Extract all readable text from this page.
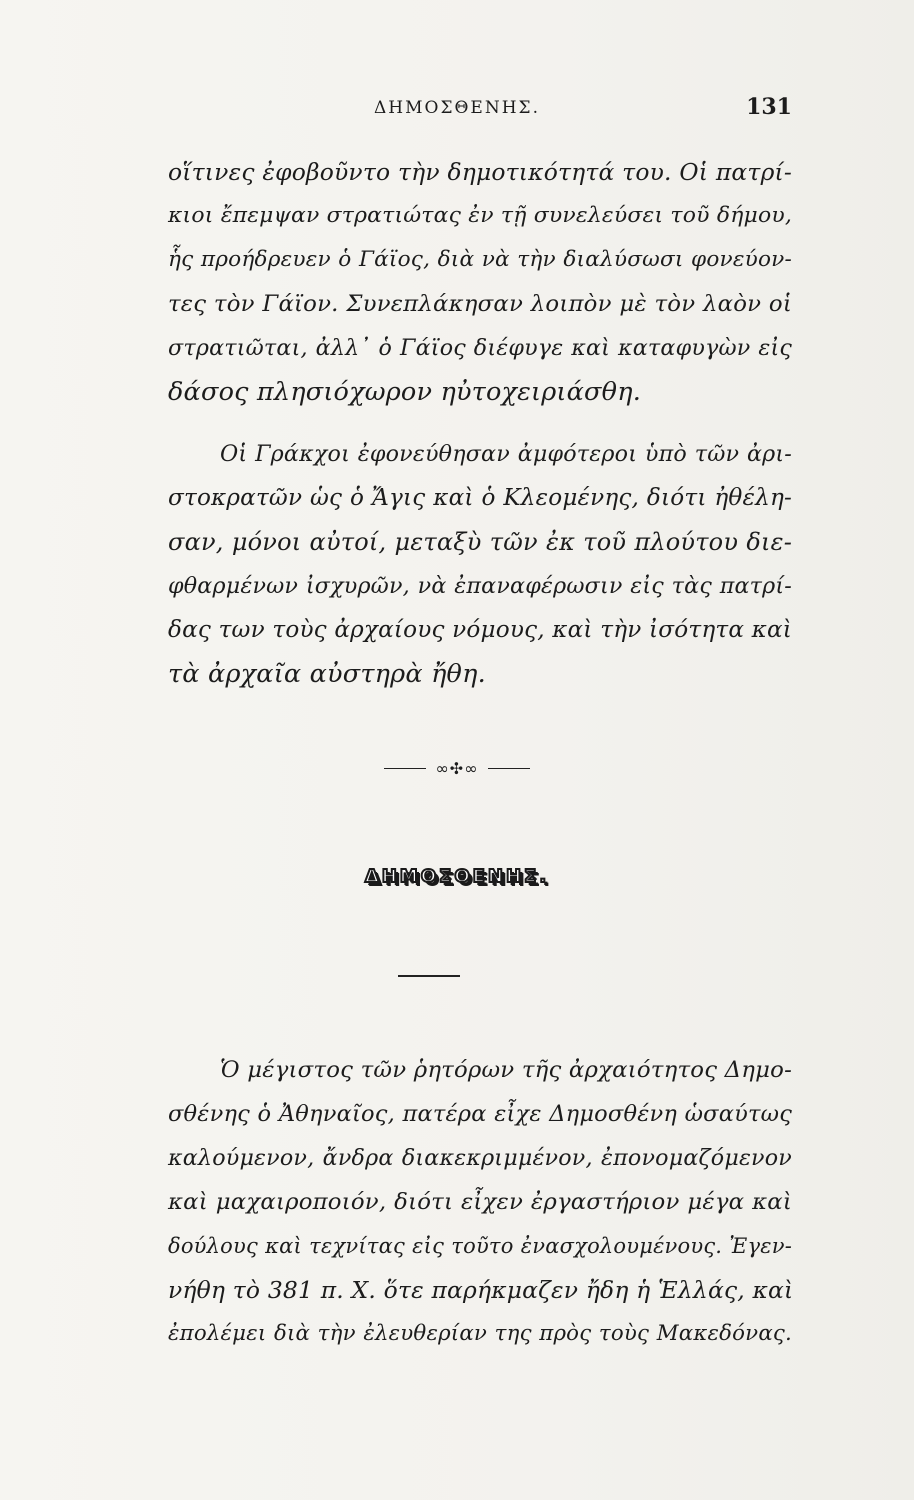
ΔΗΜΟΣΘΕΝΗΣ.	131
οἵτινες ἐφοβοῦντο τὴν δημοτικότητά του. Οἱ πατρί-
κιοι ἔπεμψαν στρατιώτας ἐν τῇ συνελεύσει τοῦ δήμου,
ἧς προήδρευεν ὁ Γάϊος, διὰ νὰ τὴν διαλύσωσι φονεύον-
τες τὸν Γάϊον. Συνεπλάκησαν λοιπὸν μὲ τὸν λαὸν οἱ
στρατιῶται, ἀλλ᾽ ὁ Γάϊος διέφυγε καὶ καταφυγὼν εἰς
δάσος πλησιόχωρον ηὐτοχειριάσθη.
Οἱ Γράκχοι ἐφονεύθησαν ἀμφότεροι ὑπὸ τῶν ἀρι-
στοκρατῶν ὡς ὁ Ἄγις καὶ ὁ Κλεομένης, διότι ἠθέλη-
σαν, μόνοι αὐτοί, μεταξὺ τῶν ἐκ τοῦ πλούτου διε-
φθαρμένων ἰσχυρῶν, νὰ ἐπαναφέρωσιν εἰς τὰς πατρί-
δας των τοὺς ἀρχαίους νόμους, καὶ τὴν ἰσότητα καὶ
τὰ ἀρχαῖα αὐστηρὰ ἤθη.
∞✣∞
ΔΗΜΟΣΘΕΝΗΣ.
Ὁ μέγιστος τῶν ῥητόρων τῆς ἀρχαιότητος Δημο-
σθένης ὁ Ἀθηναῖος, πατέρα εἶχε Δημοσθένη ὡσαύτως
καλούμενον, ἄνδρα διακεκριμμένον, ἐπονομαζόμενον
καὶ μαχαιροποιόν, διότι εἶχεν ἐργαστήριον μέγα καὶ
δούλους καὶ τεχνίτας εἰς τοῦτο ἐνασχολουμένους. Ἐγεν-
νήθη τὸ 381 π. Χ. ὅτε παρήκμαζεν ἤδη ἡ Ἑλλάς, καὶ
ἐπολέμει διὰ τὴν ἐλευθερίαν της πρὸς τοὺς Μακεδόνας.
